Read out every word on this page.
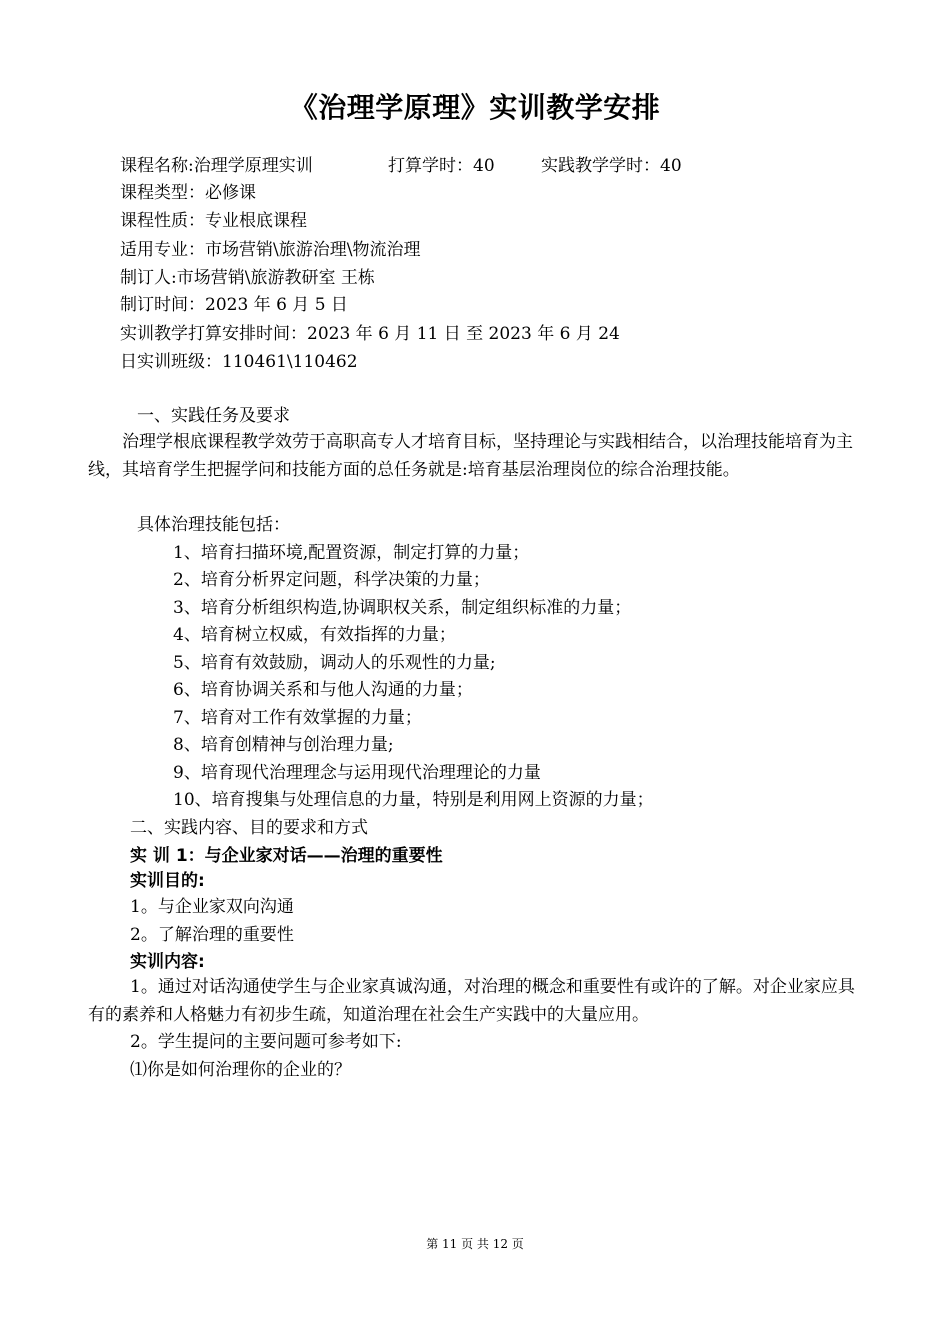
《治理学原理》实训教学安排
课程名称:治理学原理实训	打算学时：40	实践教学学时：40
课程类型：必修课
课程性质：专业根底课程
适用专业：市场营销\旅游治理\物流治理
制订人:市场营销\旅游教研室 王栋
制订时间：2023 年 6 月 5 日
实训教学打算安排时间：2023 年 6 月 11 日 至 2023 年 6 月 24
日实训班级：110461\110462
一、实践任务及要求
治理学根底课程教学效劳于高职高专人才培育目标，坚持理论与实践相结合，以治理技能培育为主线，其培育学生把握学问和技能方面的总任务就是:培育基层治理岗位的综合治理技能。
具体治理技能包括：
1、培育扫描环境,配置资源，制定打算的力量；
2、培育分析界定问题，科学决策的力量；
3、培育分析组织构造,协调职权关系，制定组织标准的力量；
4、培育树立权威，有效指挥的力量；
5、培育有效鼓励，调动人的乐观性的力量;
6、培育协调关系和与他人沟通的力量；
7、培育对工作有效掌握的力量；
8、培育创精神与创治理力量;
9、培育现代治理理念与运用现代治理理论的力量
10、培育搜集与处理信息的力量，特别是利用网上资源的力量；
二、实践内容、目的要求和方式
实 训 1：与企业家对话——治理的重要性
实训目的:
1。与企业家双向沟通
2。了解治理的重要性
实训内容:
1。通过对话沟通使学生与企业家真诚沟通，对治理的概念和重要性有或许的了解。对企业家应具有的素养和人格魅力有初步生疏，知道治理在社会生产实践中的大量应用。
2。学生提问的主要问题可参考如下:
⑴你是如何治理你的企业的？
第 11 页 共 12 页
